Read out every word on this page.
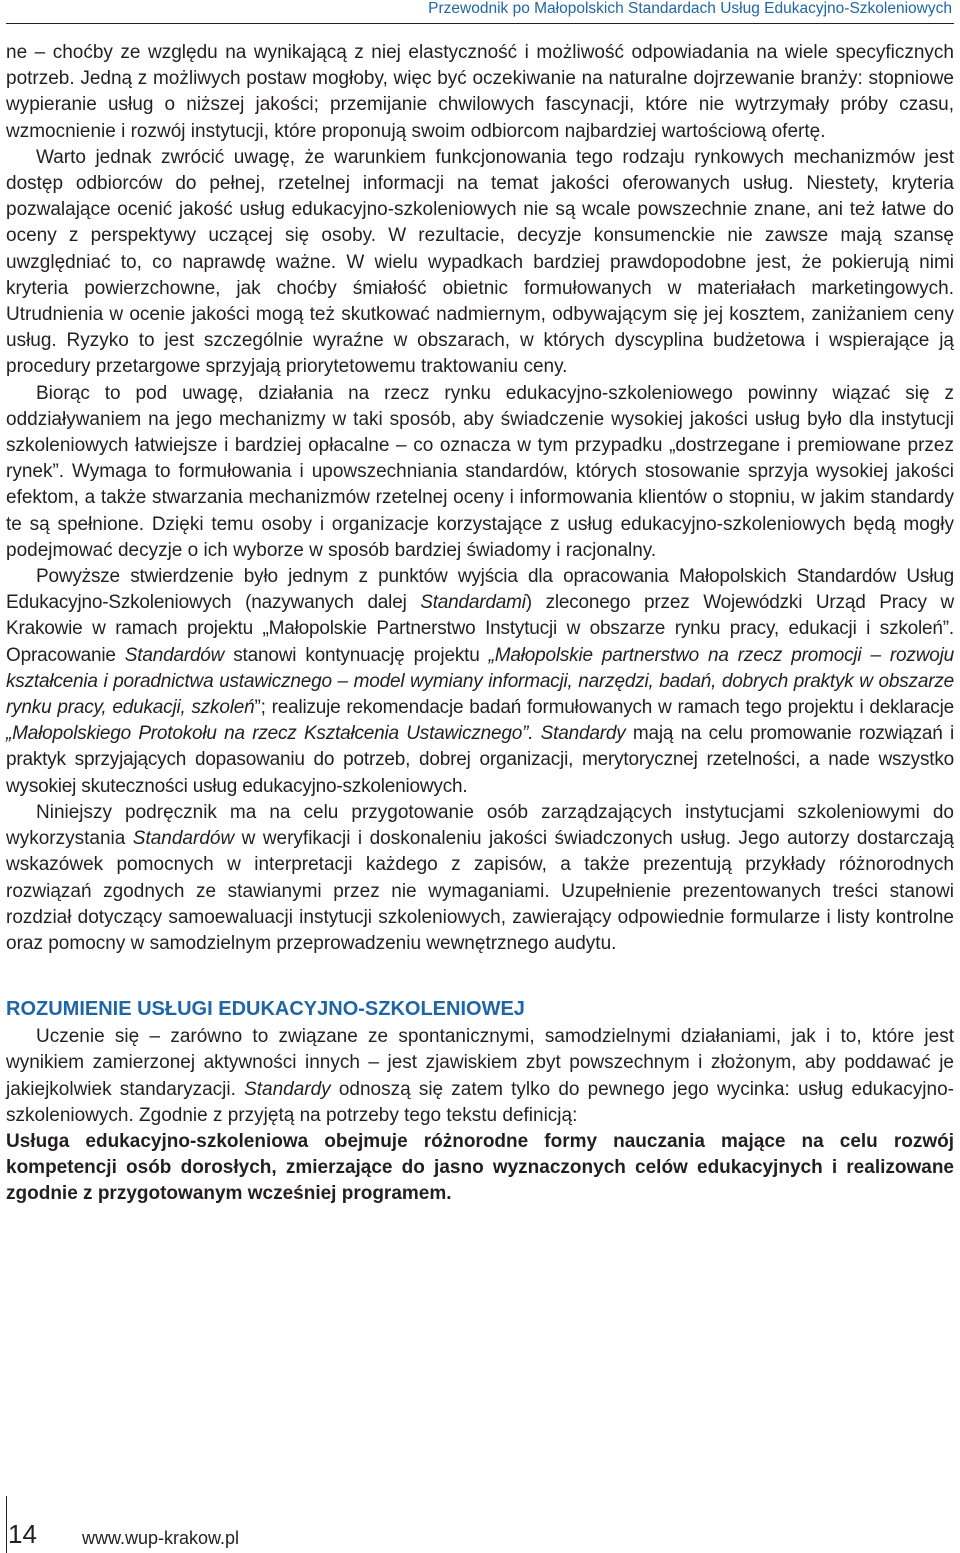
Przewodnik po Małopolskich Standardach Usług Edukacyjno-Szkoleniowych

ne – choćby ze względu na wynikającą z niej elastyczność i możliwość odpowiadania na wiele specyficznych potrzeb. Jedną z możliwych postaw mogłoby, więc być oczekiwanie na naturalne dojrzewanie branży: stopniowe wypieranie usług o niższej jakości; przemijanie chwilowych fascynacji, które nie wytrzymały próby czasu, wzmocnienie i rozwój instytucji, które proponują swoim odbiorcom najbardziej wartościową ofertę.

Warto jednak zwrócić uwagę, że warunkiem funkcjonowania tego rodzaju rynkowych mechanizmów jest dostęp odbiorców do pełnej, rzetelnej informacji na temat jakości oferowanych usług. Niestety, kryteria pozwalające ocenić jakość usług edukacyjno-szkoleniowych nie są wcale powszechnie znane, ani też łatwe do oceny z perspektywy uczącej się osoby. W rezultacie, decyzje konsumenckie nie zawsze mają szansę uwzględniać to, co naprawdę ważne. W wielu wypadkach bardziej prawdopodobne jest, że pokierują nimi kryteria powierzchowne, jak choćby śmiałość obietnic formułowanych w materiałach marketingowych. Utrudnienia w ocenie jakości mogą też skutkować nadmiernym, odbywającym się jej kosztem, zaniżaniem ceny usług. Ryzyko to jest szczególnie wyraźne w obszarach, w których dyscyplina budżetowa i wspierające ją procedury przetargowe sprzyjają priorytetowemu traktowaniu ceny.

Biorąc to pod uwagę, działania na rzecz rynku edukacyjno-szkoleniowego powinny wiązać się z oddziaływaniem na jego mechanizmy w taki sposób, aby świadczenie wysokiej jakości usług było dla instytucji szkoleniowych łatwiejsze i bardziej opłacalne – co oznacza w tym przypadku „dostrzegane i premiowane przez rynek”. Wymaga to formułowania i upowszechniania standardów, których stosowanie sprzyja wysokiej jakości efektom, a także stwarzania mechanizmów rzetelnej oceny i informowania klientów o stopniu, w jakim standardy te są spełnione. Dzięki temu osoby i organizacje korzystające z usług edukacyjno-szkoleniowych będą mogły podejmować decyzje o ich wyborze w sposób bardziej świadomy i racjonalny.

Powyższe stwierdzenie było jednym z punktów wyjścia dla opracowania Małopolskich Standardów Usług Edukacyjno-Szkoleniowych (nazywanych dalej Standardami) zleconego przez Wojewódzki Urząd Pracy w Krakowie w ramach projektu „Małopolskie Partnerstwo Instytucji w obszarze rynku pracy, edukacji i szkoleń”. Opracowanie Standardów stanowi kontynuację projektu „Małopolskie partnerstwo na rzecz promocji – rozwoju kształcenia i poradnictwa ustawicznego – model wymiany informacji, narzędzi, badań, dobrych praktyk w obszarze rynku pracy, edukacji, szkoleń”; realizuje rekomendacje badań formułowanych w ramach tego projektu i deklaracje „Małopolskiego Protokołu na rzecz Kształcenia Ustawicznego”. Standardy mają na celu promowanie rozwiązań i praktyk sprzyjających dopasowaniu do potrzeb, dobrej organizacji, merytorycznej rzetelności, a nade wszystko wysokiej skuteczności usług edukacyjno-szkoleniowych.

Niniejszy podręcznik ma na celu przygotowanie osób zarządzających instytucjami szkoleniowymi do wykorzystania Standardów w weryfikacji i doskonaleniu jakości świadczonych usług. Jego autorzy dostarczają wskazówek pomocnych w interpretacji każdego z zapisów, a także prezentują przykłady różnorodnych rozwiązań zgodnych ze stawianymi przez nie wymaganiami. Uzupełnienie prezentowanych treści stanowi rozdział dotyczący samoewaluacji instytucji szkoleniowych, zawierający odpowiednie formularze i listy kontrolne oraz pomocny w samodzielnym przeprowadzeniu wewnętrznego audytu.

ROZUMIENIE USŁUGI EDUKACYJNO-SZKOLENIOWEJ

Uczenie się – zarówno to związane ze spontanicznymi, samodzielnymi działaniami, jak i to, które jest wynikiem zamierzonej aktywności innych – jest zjawiskiem zbyt powszechnym i złożonym, aby poddawać je jakiejkolwiek standaryzacji. Standardy odnoszą się zatem tylko do pewnego jego wycinka: usług edukacyjno-szkoleniowych. Zgodnie z przyjętą na potrzeby tego tekstu definicją:

Usługa edukacyjno-szkoleniowa obejmuje różnorodne formy nauczania mające na celu rozwój kompetencji osób dorosłych, zmierzające do jasno wyznaczonych celów edukacyjnych i realizowane zgodnie z przygotowanym wcześniej programem.

14	www.wup-krakow.pl
